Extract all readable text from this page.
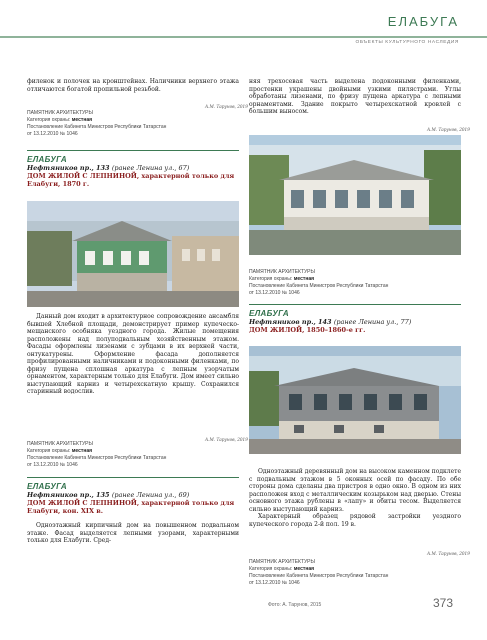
ЕЛАБУГА
ОБЪЕКТЫ КУЛЬТУРНОГО НАСЛЕДИЯ
филенок и полочек на кронштейнах. Наличники верхнего этажа отличаются богатой пропильной резьбой.
А.М. Тарунов, 2019
ПАМЯТНИК АРХИТЕКТУРЫ
Категория охраны: местная
Постановление Кабинета Министров Республики Татарстан
от 13.12.2010 № 1046
ЕЛАБУГА
Нефтяников пр., 133 (ранее Ленина ул., 67)
ДОМ ЖИЛОЙ С ЛЕПНИНОЙ, характерной только для Елабуги, 1870 г.

Данный дом входит в архитектурное сопровождение ансамбля бывшей Хлебной площади, демонстрирует пример купечеcко-мещанского особняка уездного города. Жилые помещения расположены над полуподвальным хозяйственным этажом. Фасады оформлены лизенами с зубцами в их верхней части, онтукатурены. Оформление фасада дополняется профилированными наличниками и подоконными филенками, по фризу пущена сплошная аркатура с лепным узорчатым орнаментом, характерным только для Елабуги. Дом имеет сильно выступающий карниз и четырехскатную крышу. Сохранился старинный водослив.

А.М. Тарунов, 2019
ПАМЯТНИК АРХИТЕКТУРЫ
Категория охраны: местная
Постановление Кабинета Министров Республики Татарстан
от 13.12.2010 № 1046
ЕЛАБУГА
Нефтяников пр., 135 (ранее Ленина ул., 69)
ДОМ ЖИЛОЙ С ЛЕПНИНОЙ, характерной только для Елабуги, кон. XIX в.

Одноэтажный кирпичный дом на повышенном подвальном этаже. Фасад выделяется лепными узорами, характерными только для Елабуги. Сред-

няя трехосевая часть выделена подоконными филенками, простенки украшены двойными узкими пилястрами. Углы обработаны лизенами, по фризу пущена аркатура с лепными орнаментами. Здание покрыто четырехскатной кровлей с большим выносом.
А.М. Тарунов, 2019
ПАМЯТНИК АРХИТЕКТУРЫ
Категория охраны: местная
Постановление Кабинета Министров Республики Татарстан
от 13.12.2010 № 1046
ЕЛАБУГА
Нефтяников пр., 143 (ранее Ленина ул., 77)
ДОМ ЖИЛОЙ, 1850–1860-е гг.

Одноэтажный деревянный дом на высоком каменном подклете с подвальным этажом в 5 оконных осей по фасаду. По обе стороны дома сделаны два пристроя в одно окно. В одном из них расположен вход с металлическим козырьком над дверью. Стены основного этажа рублены в «лапу» и обиты тесом. Выделяется сильно выступающий карниз.

Характерный образец рядовой застройки уездного купеческого города 2-й пол. 19 в.

А.М. Тарунов, 2019
ПАМЯТНИК АРХИТЕКТУРЫ
Категория охраны: местная
Постановление Кабинета Министров Республики Татарстан
от 13.12.2010 № 1046
Фото: А. Тарунов, 2015	373
